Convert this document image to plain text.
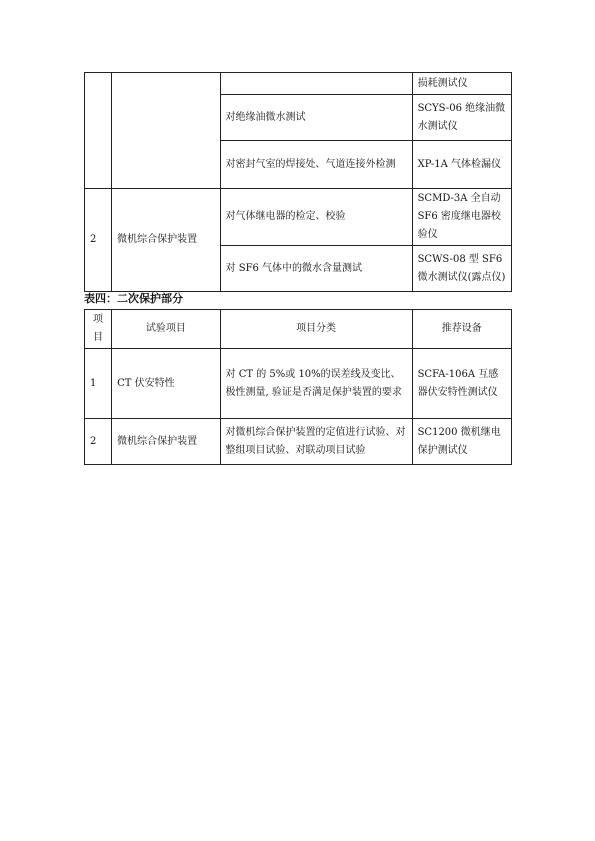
			损耗测试仪
		对绝缘油微水测试	SCYS-06 绝缘油微水测试仪
		对密封气室的焊接处、气道连接外检测	XP-1A 气体检漏仪
2	微机综合保护装置	对气体继电器的检定、校验	SCMD-3A 全自动 SF6 密度继电器校验仪
		对 SF6 气体中的微水含量测试	SCWS-08 型 SF6 微水测试仪(露点仪)
表四：二次保护部分
项目	试验项目	项目分类	推荐设备
1	CT 伏安特性	对 CT 的 5%或 10%的误差线及变比、极性测量, 验证是否满足保护装置的要求	SCFA-106A 互感器伏安特性测试仪
2	微机综合保护装置	对微机综合保护装置的定值进行试验、对整组项目试验、对联动项目试验	SC1200 微机继电保护测试仪
